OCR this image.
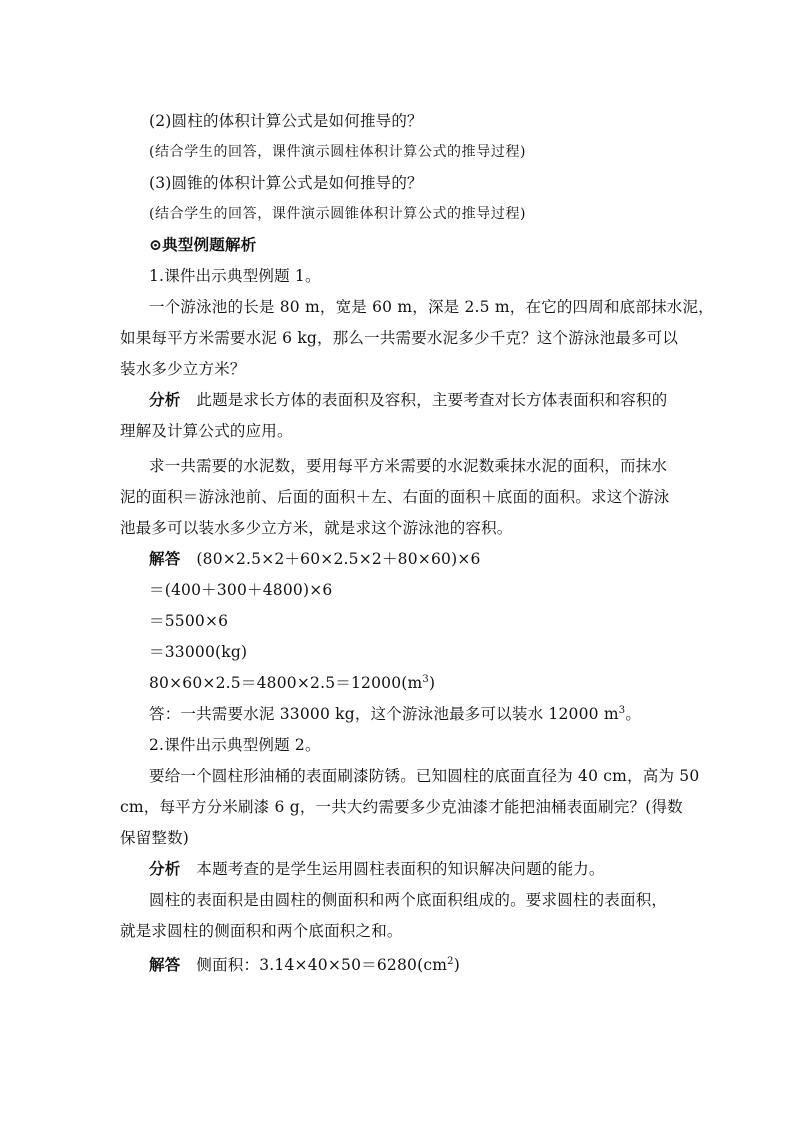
(2)圆柱的体积计算公式是如何推导的？
(结合学生的回答，课件演示圆柱体积计算公式的推导过程)
(3)圆锥的体积计算公式是如何推导的？
(结合学生的回答，课件演示圆锥体积计算公式的推导过程)
⊙典型例题解析
1.课件出示典型例题 1。
一个游泳池的长是 80 m，宽是 60 m，深是 2.5 m，在它的四周和底部抹水泥，
如果每平方米需要水泥 6 kg，那么一共需要水泥多少千克？这个游泳池最多可以
装水多少立方米？
分析 此题是求长方体的表面积及容积，主要考查对长方体表面积和容积的
理解及计算公式的应用。
求一共需要的水泥数，要用每平方米需要的水泥数乘抹水泥的面积，而抹水
泥的面积＝游泳池前、后面的面积＋左、右面的面积＋底面的面积。求这个游泳
池最多可以装水多少立方米，就是求这个游泳池的容积。
解答 (80×2.5×2＋60×2.5×2＋80×60)×6
＝(400＋300＋4800)×6
＝5500×6
＝33000(kg)
$80\times 60\times 2.5=4800\times 2.5=12000(m^3)$
答：一共需要水泥 33000 kg，这个游泳池最多可以装水 12000 $m^3$。
2.课件出示典型例题 2。
要给一个圆柱形油桶的表面刷漆防锈。已知圆柱的底面直径为 40 cm，高为 50
cm，每平方分米刷漆 6 g，一共大约需要多少克油漆才能把油桶表面刷完？(得数
保留整数)
分析 本题考查的是学生运用圆柱表面积的知识解决问题的能力。
圆柱的表面积是由圆柱的侧面积和两个底面积组成的。要求圆柱的表面积，
就是求圆柱的侧面积和两个底面积之和。
解答 侧面积：$3.14\times 40\times 50=6280(cm^2)$
